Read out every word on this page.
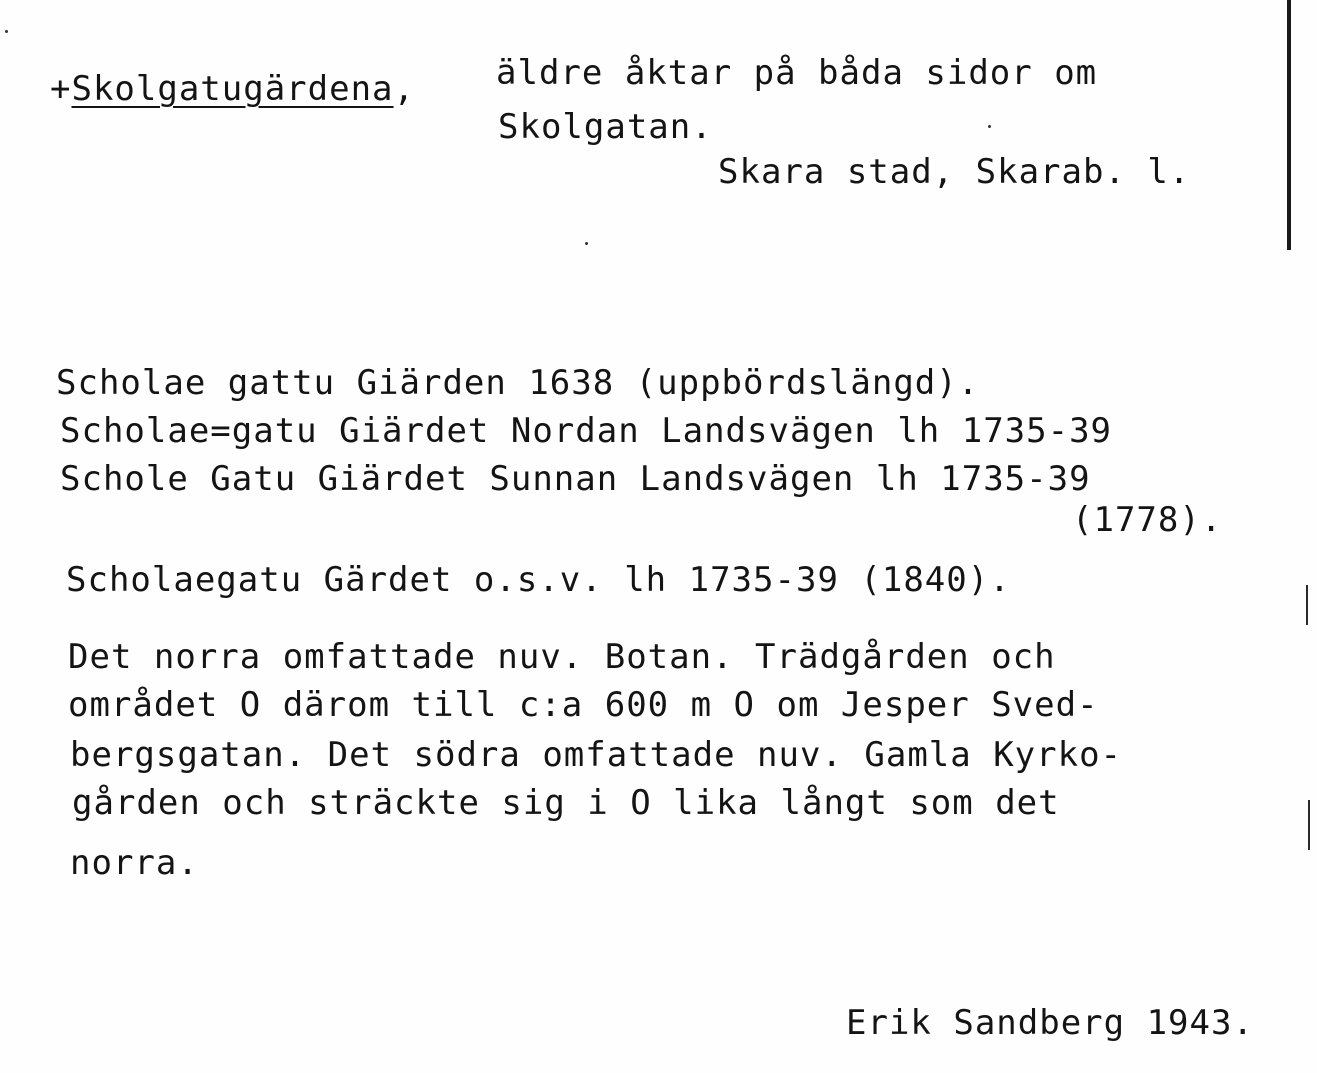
+Skolgatugärdena, äldre åktar på båda sidor om
Skolgatan.
Skara stad, Skarab. l.
Scholae gattu Giärden 1638 (uppbördslängd).
Scholae=gatu Giärdet Nordan Landsvägen lh 1735-39
Schole Gatu Giärdet Sunnan Landsvägen lh 1735-39
(1778).
Scholaegatu Gärdet o.s.v. lh 1735-39 (1840).
Det norra omfattade nuv. Botan. Trädgården och
området O därom till c:a 600 m O om Jesper Sved-
bergsgatan. Det södra omfattade nuv. Gamla Kyrko-
gården och sträckte sig i O lika långt som det
norra.
Erik Sandberg 1943.
